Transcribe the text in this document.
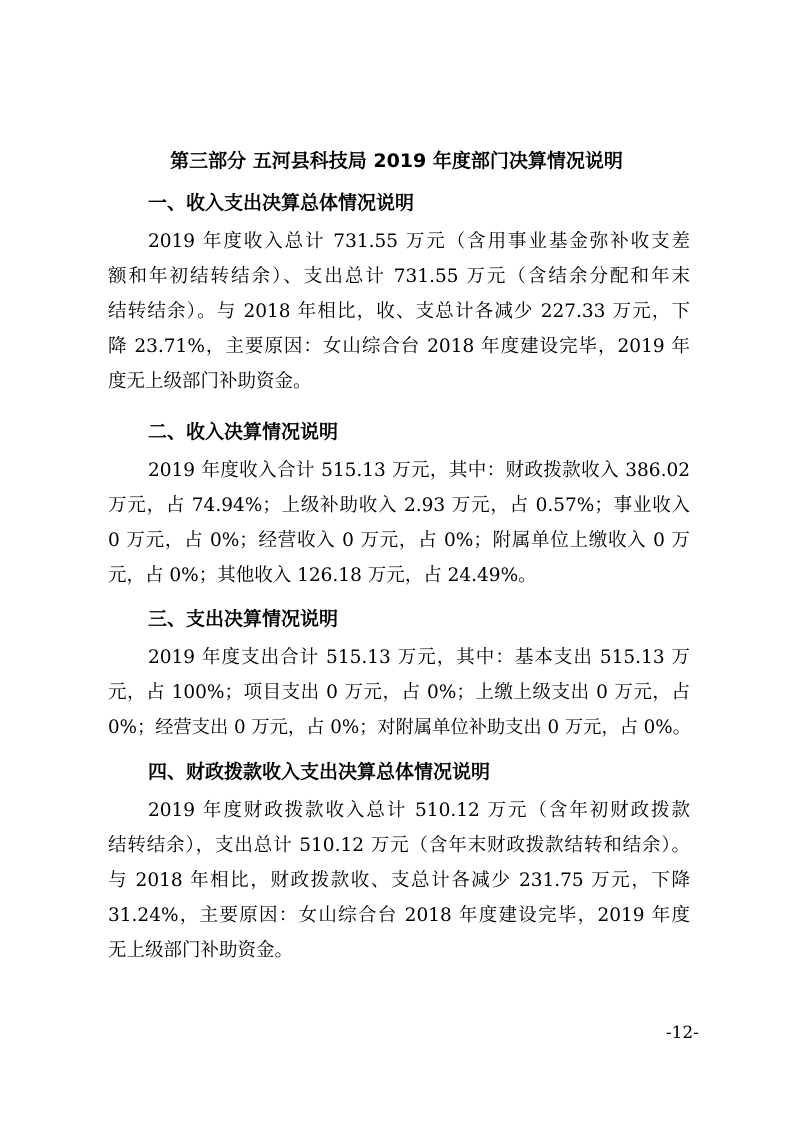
第三部分 五河县科技局 2019 年度部门决算情况说明
一、收入支出决算总体情况说明

2019 年度收入总计 731.55 万元（含用事业基金弥补收支差

额和年初结转结余）、支出总计 731.55 万元（含结余分配和年末

结转结余）。与 2018 年相比，收、支总计各减少 227.33 万元，下

降 23.71%，主要原因：女山综合台 2018 年度建设完毕，2019 年

度无上级部门补助资金。

二、收入决算情况说明

2019 年度收入合计 515.13 万元，其中：财政拨款收入 386.02

万元，占 74.94%；上级补助收入 2.93 万元，占 0.57%；事业收入

0 万元，占 0%；经营收入 0 万元，占 0%；附属单位上缴收入 0 万

元，占 0%；其他收入 126.18 万元，占 24.49%。

三、支出决算情况说明

2019 年度支出合计 515.13 万元，其中：基本支出 515.13 万

元，占 100%；项目支出 0 万元，占 0%；上缴上级支出 0 万元，占

0%；经营支出 0 万元，占 0%；对附属单位补助支出 0 万元，占 0%。

四、财政拨款收入支出决算总体情况说明

2019 年度财政拨款收入总计 510.12 万元（含年初财政拨款

结转结余），支出总计 510.12 万元（含年末财政拨款结转和结余）。

与 2018 年相比，财政拨款收、支总计各减少 231.75 万元，下降

31.24%，主要原因：女山综合台 2018 年度建设完毕，2019 年度

无上级部门补助资金。

-12-
